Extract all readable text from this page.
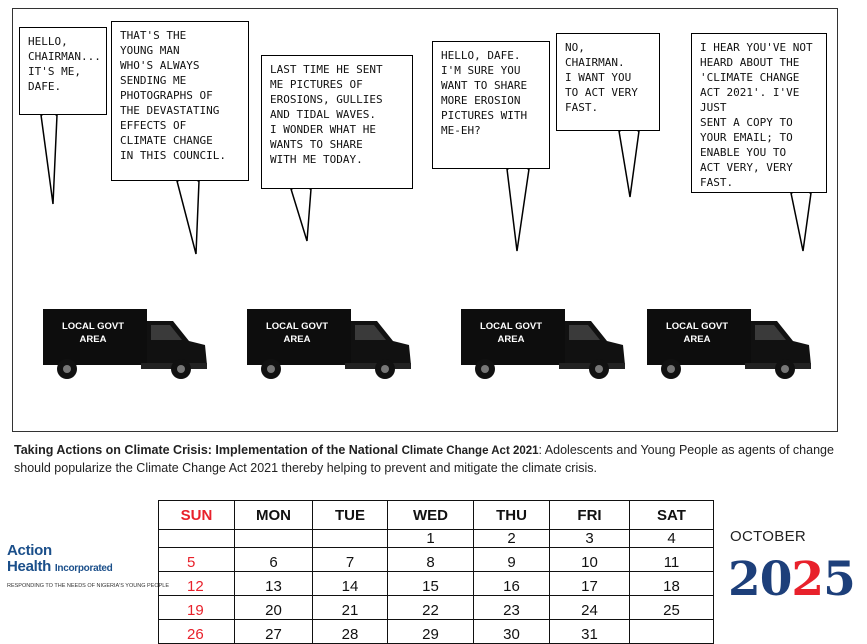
HELLO,
CHAIRMAN...
IT'S ME,
DAFE.
THAT'S THE
YOUNG MAN
WHO'S ALWAYS
SENDING ME
PHOTOGRAPHS OF
THE DEVASTATING
EFFECTS OF
CLIMATE CHANGE
IN THIS COUNCIL.
LAST TIME HE SENT
ME PICTURES OF
EROSIONS, GULLIES
AND TIDAL WAVES.
I WONDER WHAT HE
WANTS TO SHARE
WITH ME TODAY.
HELLO, DAFE.
I'M SURE YOU
WANT TO SHARE
MORE EROSION
PICTURES WITH
ME-EH?
NO,
CHAIRMAN.
I WANT YOU
TO ACT VERY
FAST.
I HEAR YOU'VE NOT
HEARD ABOUT THE
'CLIMATE CHANGE
ACT 2021'. I'VE JUST
SENT A COPY TO
YOUR EMAIL; TO
ENABLE YOU TO
ACT VERY, VERY
FAST.
LOCAL GOVT
AREA
LOCAL GOVT
AREA
LOCAL GOVT
AREA
LOCAL GOVT
AREA
Taking Actions on Climate Crisis: Implementation of the National Climate Change Act 2021: Adolescents and Young People as agents of change should popularize the Climate Change Act 2021 thereby helping to prevent and mitigate the climate crisis.
Action
Health Incorporated
RESPONDING TO THE NEEDS OF NIGERIA'S YOUNG PEOPLE
SUN	MON	TUE	WED	THU	FRI	SAT
			1	2	3	4
5	6	7	8	9	10	11
12	13	14	15	16	17	18
19	20	21	22	23	24	25
26	27	28	29	30	31	
OCTOBER
2025
